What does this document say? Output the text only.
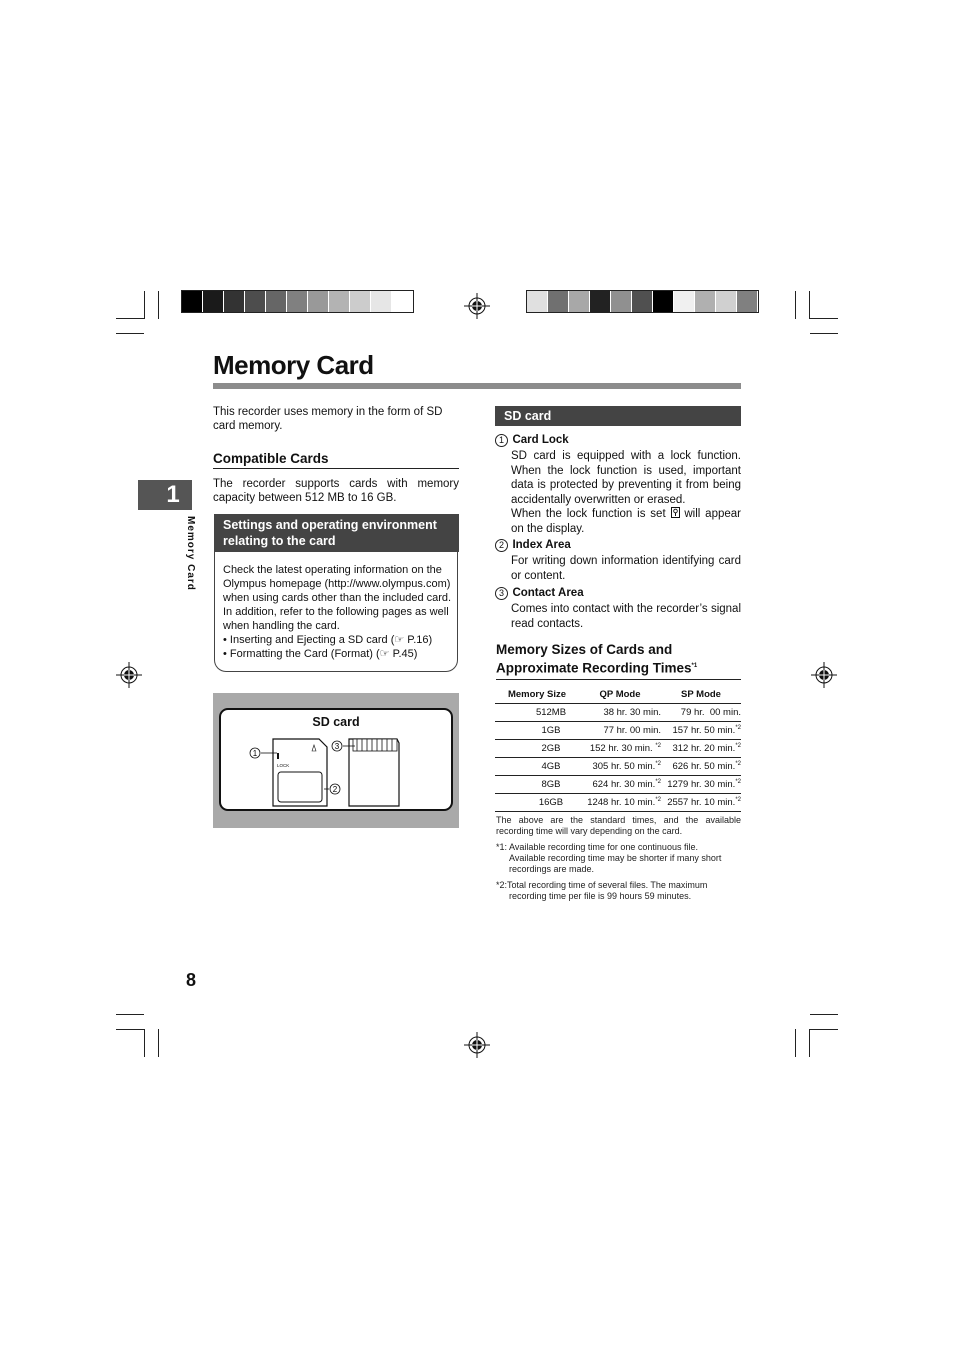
Memory Card
1
Memory Card
8
This recorder uses memory in the form of SD card memory.
Compatible Cards
The recorder supports cards with memory capacity between 512 MB to 16 GB.
Settings and operating environment relating to the card
Check the latest operating information on the Olympus homepage (http://www.olympus.com) when using cards other than the included card. In addition, refer to the following pages as well when handling the card.
• Inserting and Ejecting a SD card (☞ P.16)
• Formatting the Card (Format) (☞ P.45)
SD card
LOCK
1
2
3
SD card
1 Card Lock
SD card is equipped with a lock function. When the lock function is used, important data is protected by preventing it from being accidentally overwritten or erased.
When the lock function is set will appear on the display.
2 Index Area
For writing down information identifying card or content.
3 Contact Area
Comes into contact with the recorder’s signal read contacts.
Memory Sizes of Cards and
Approximate Recording Times$^{*1}$
Memory Size	QP Mode	SP Mode
512MB	38 hr. 30 min.	79 hr.  00 min.
1GB	77 hr. 00 min.	157 hr. 50 min.$^{*2}$
2GB	152 hr. 30 min. $^{*2}$	312 hr. 20 min.$^{*2}$
4GB	305 hr. 50 min.$^{*2}$	626 hr. 50 min.$^{*2}$
8GB	624 hr. 30 min.$^{*2}$	1279 hr. 30 min.$^{*2}$
16GB	1248 hr. 10 min.$^{*2}$	2557 hr. 10 min.$^{*2}$
The above are the standard times, and the available recording time will vary depending on the card.
*1: Available recording time for one continuous file.
Available recording time may be shorter if many short recordings are made.
*2:Total recording time of several files. The maximum
recording time per file is 99 hours 59 minutes.
